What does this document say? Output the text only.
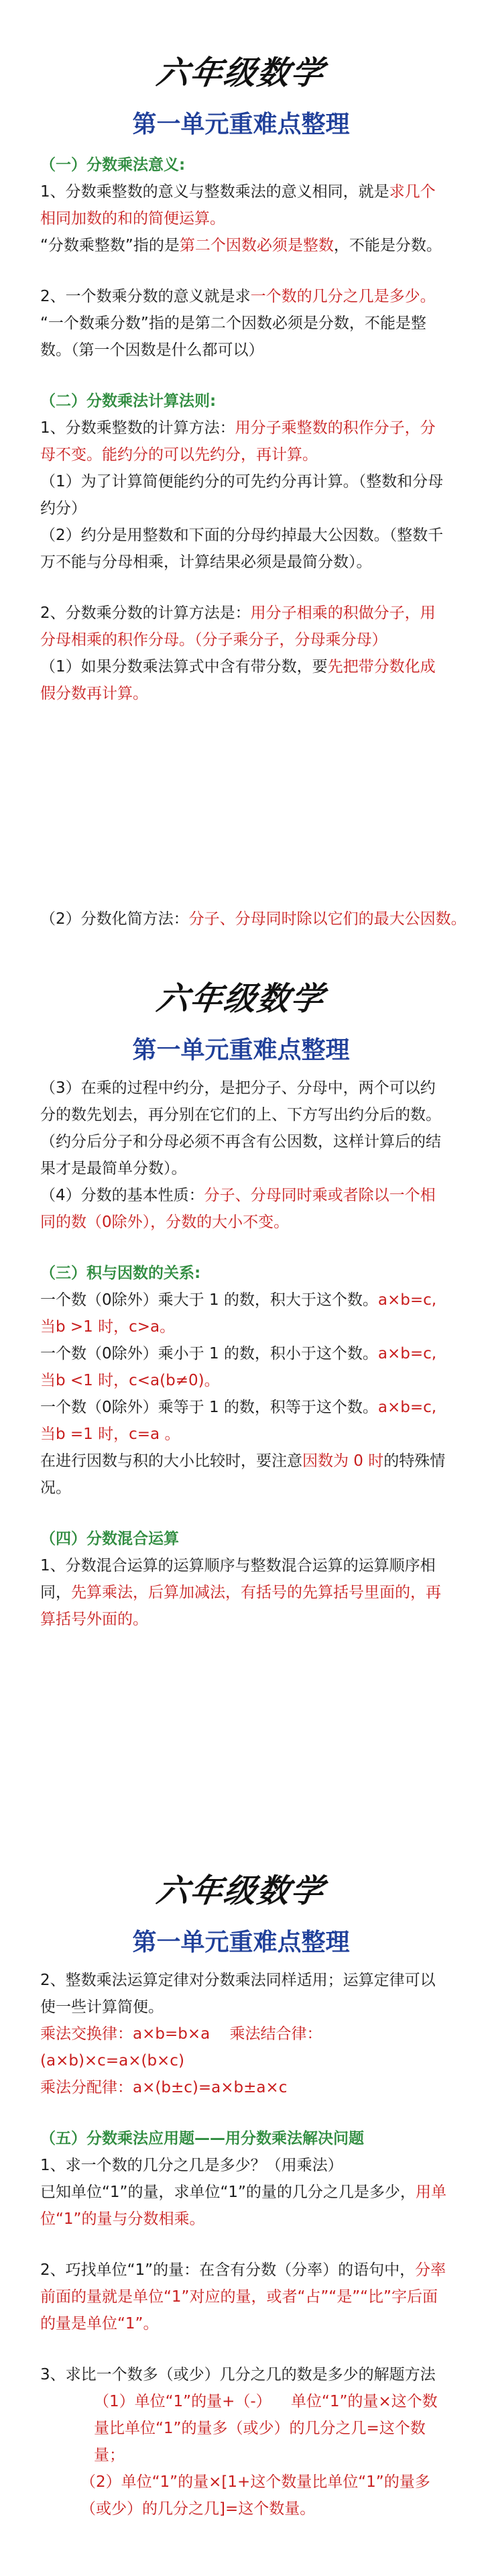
六年级数学
第一单元重难点整理

（一）分数乘法意义:

1、分数乘整数的意义与整数乘法的意义相同，就是求几个相同加数的和的简便运算。

“分数乘整数”指的是第二个因数必须是整数，不能是分数。

2、一个数乘分数的意义就是求一个数的几分之几是多少。

“一个数乘分数”指的是第二个因数必须是分数，不能是整数。（第一个因数是什么都可以）

（二）分数乘法计算法则:

1、分数乘整数的计算方法：用分子乘整数的积作分子，分母不变。能约分的可以先约分，再计算。

（1）为了计算简便能约分的可先约分再计算。（整数和分母约分）

（2）约分是用整数和下面的分母约掉最大公因数。（整数千万不能与分母相乘，计算结果必须是最简分数）。

2、分数乘分数的计算方法是：用分子相乘的积做分子，用分母相乘的积作分母。（分子乘分子，分母乘分母）

（1）如果分数乘法算式中含有带分数，要先把带分数化成假分数再计算。

（2）分数化简方法：分子、分母同时除以它们的最大公因数。

六年级数学
第一单元重难点整理

（3）在乘的过程中约分，是把分子、分母中，两个可以约分的数先划去，再分别在它们的上、下方写出约分后的数。（约分后分子和分母必须不再含有公因数，这样计算后的结果才是最简单分数）。

（4）分数的基本性质：分子、分母同时乘或者除以一个相同的数（0除外），分数的大小不变。

（三）积与因数的关系:

一个数（0除外）乘大于 1 的数，积大于这个数。a×b=c,当b >1 时，c>a。

一个数（0除外）乘小于 1 的数，积小于这个数。a×b=c,当b <1 时，c<a(b≠0)。

一个数（0除外）乘等于 1 的数，积等于这个数。a×b=c,当b =1 时，c=a 。

在进行因数与积的大小比较时，要注意因数为 0 时的特殊情况。

（四）分数混合运算

1、分数混合运算的运算顺序与整数混合运算的运算顺序相同，先算乘法，后算加减法，有括号的先算括号里面的，再算括号外面的。

六年级数学
第一单元重难点整理

2、整数乘法运算定律对分数乘法同样适用；运算定律可以使一些计算简便。

乘法交换律：a×b=b×a 乘法结合律：(a×b)×c=a×(b×c)

乘法分配律：a×(b±c)=a×b±a×c

（五）分数乘法应用题——用分数乘法解决问题

1、求一个数的几分之几是多少？（用乘法）

已知单位“1”的量，求单位“1”的量的几分之几是多少，用单位“1”的量与分数相乘。

2、巧找单位“1”的量：在含有分数（分率）的语句中，分率前面的量就是单位“1”对应的量，或者“占”“是”“比”字后面的量是单位“1”。

3、求比一个数多（或少）几分之几的数是多少的解题方法

（1）单位“1”的量+（-） 单位“1”的量×这个数量比单位“1”的量多（或少）的几分之几=这个数量；

（2）单位“1”的量×[1+这个数量比单位“1”的量多（或少）的几分之几]=这个数量。
